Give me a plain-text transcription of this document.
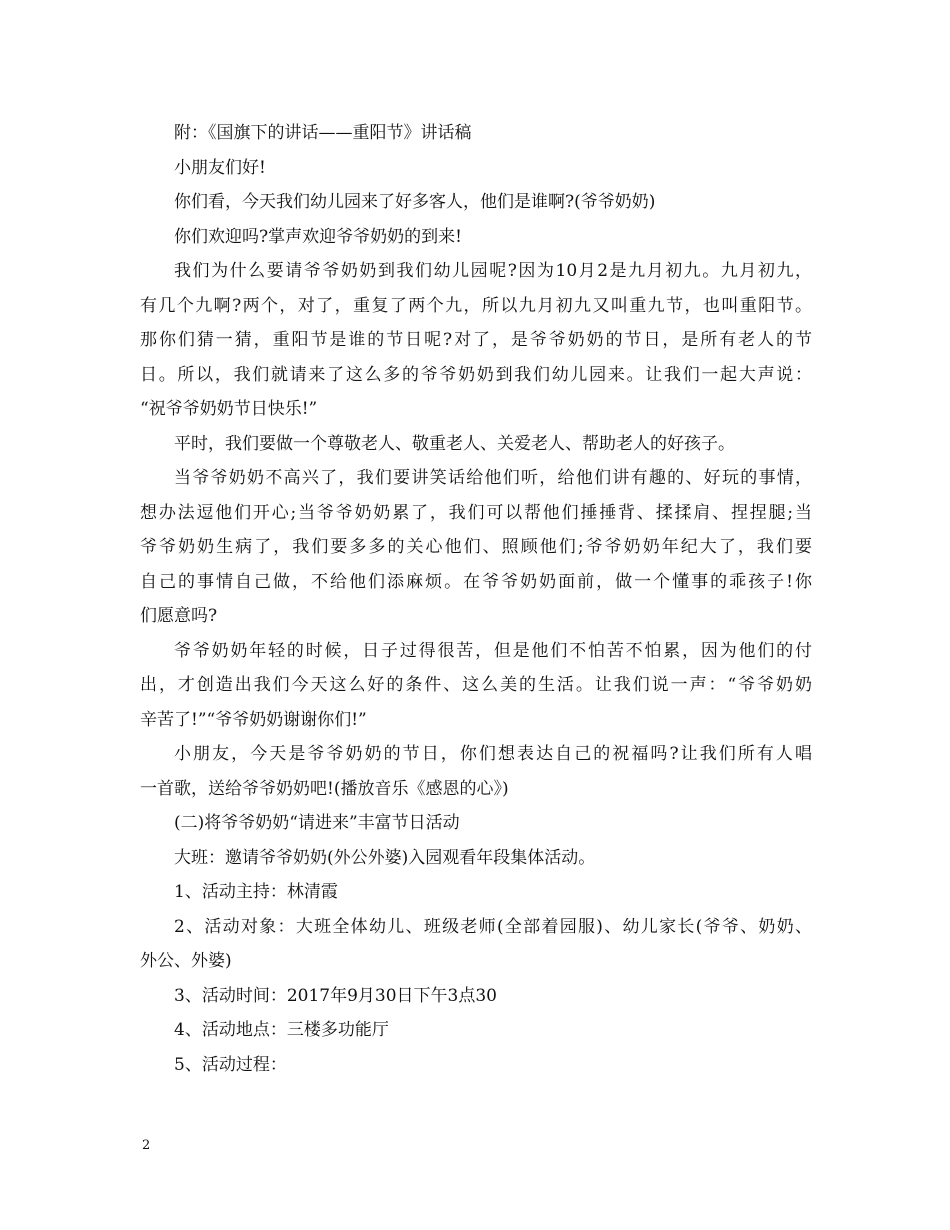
附：《国旗下的讲话——重阳节》讲话稿
小朋友们好!
你们看，今天我们幼儿园来了好多客人，他们是谁啊?(爷爷奶奶)
你们欢迎吗?掌声欢迎爷爷奶奶的到来!
我们为什么要请爷爷奶奶到我们幼儿园呢?因为10月2是九月初九。九月初九，
有几个九啊?两个，对了，重复了两个九，所以九月初九又叫重九节，也叫重阳节。
那你们猜一猜，重阳节是谁的节日呢?对了，是爷爷奶奶的节日，是所有老人的节
日。所以，我们就请来了这么多的爷爷奶奶到我们幼儿园来。让我们一起大声说：
“祝爷爷奶奶节日快乐!”
平时，我们要做一个尊敬老人、敬重老人、关爱老人、帮助老人的好孩子。
当爷爷奶奶不高兴了，我们要讲笑话给他们听，给他们讲有趣的、好玩的事情，
想办法逗他们开心;当爷爷奶奶累了，我们可以帮他们捶捶背、揉揉肩、捏捏腿;当
爷爷奶奶生病了，我们要多多的关心他们、照顾他们;爷爷奶奶年纪大了，我们要
自己的事情自己做，不给他们添麻烦。在爷爷奶奶面前，做一个懂事的乖孩子!你
们愿意吗?
爷爷奶奶年轻的时候，日子过得很苦，但是他们不怕苦不怕累，因为他们的付
出，才创造出我们今天这么好的条件、这么美的生活。让我们说一声：“爷爷奶奶
辛苦了!”“爷爷奶奶谢谢你们!”
小朋友，今天是爷爷奶奶的节日，你们想表达自己的祝福吗?让我们所有人唱
一首歌，送给爷爷奶奶吧!(播放音乐《感恩的心》)
(二)将爷爷奶奶“请进来”丰富节日活动
大班：邀请爷爷奶奶(外公外婆)入园观看年段集体活动。
1、活动主持：林清霞
2、活动对象：大班全体幼儿、班级老师(全部着园服)、幼儿家长(爷爷、奶奶、
外公、外婆)
3、活动时间：2017年9月30日下午3点30
4、活动地点：三楼多功能厅
5、活动过程：
2
